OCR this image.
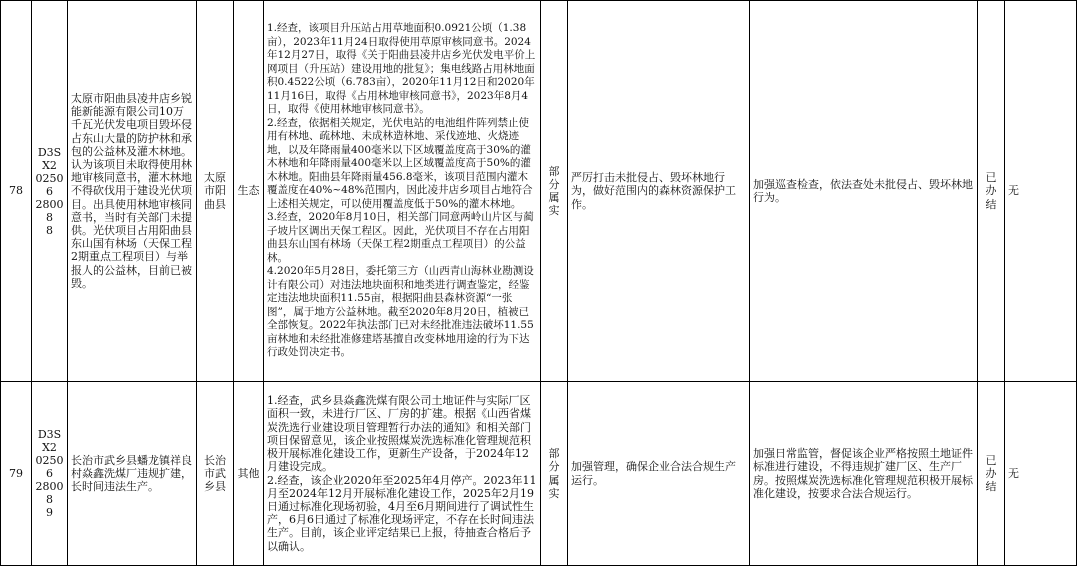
78
D3SX2
02506
28008
8
太原市阳曲县凌井店乡锐能新能源有限公司10万千瓦光伏发电项目毁坏侵占东山大量的防护林和承包的公益林及灌木林地。认为该项目未取得使用林地审核同意书，灌木林地不得砍伐用于建设光伏项目。出具使用林地审核同意书，当时有关部门未提供。光伏项目占用阳曲县东山国有林场（天保工程2期重点工程项目）与举报人的公益林，目前已被毁。
太原
市阳
曲县
生态
1.经查，该项目升压站占用草地面积0.0921公顷（1.38亩），2023年11月24日取得使用草原审核同意书。2024年12月27日，取得《关于阳曲县凌井店乡光伏发电平价上网项目（升压站）建设用地的批复》；集电线路占用林地面积0.4522公顷（6.783亩），2020年11月12日和2020年11月16日，取得《占用林地审核同意书》，2023年8月4日，取得《使用林地审核同意书》。
2.经查，依据相关规定，光伏电站的电池组件阵列禁止使用有林地、疏林地、未成林造林地、采伐迹地、火烧迹地，以及年降雨量400毫米以下区域覆盖度高于30%的灌木林地和年降雨量400毫米以上区域覆盖度高于50%的灌木林地。阳曲县年降雨量456.8毫米，该项目范围内灌木覆盖度在40%~48%范围内，因此凌井店乡项目占地符合上述相关规定，可以使用覆盖度低于50%的灌木林地。
3.经查，2020年8月10日，相关部门同意两岭山片区与蔺子坡片区调出天保工程区。因此，光伏项目不存在占用阳曲县东山国有林场（天保工程2期重点工程项目）的公益林。
4.2020年5月28日，委托第三方（山西青山海林业勘测设计有限公司）对违法地块面积和地类进行调查鉴定，经鉴定违法地块面积11.55亩，根据阳曲县森林资源“一张图”，属于地方公益林地。截至2020年8月20日，植被已全部恢复。2022年执法部门已对未经批准违法破坏11.55亩林地和未经批准修建塔基擅自改变林地用途的行为下达行政处罚决定书。
部分
属实
严厉打击未批侵占、毁坏林地行为，做好范围内的森林资源保护工作。
加强巡查检查，依法查处未批侵占、毁坏林地行为。
已办
结
无
79
D3SX2
02506
28008
9
长治市武乡县蟠龙镇祥良村焱鑫洗煤厂违规扩建，长时间违法生产。
长治
市武
乡县
其他
1.经查，武乡县焱鑫洗煤有限公司土地证件与实际厂区面积一致，未进行厂区、厂房的扩建。根据《山西省煤炭洗选行业建设项目管理暂行办法的通知》和相关部门项目保留意见，该企业按照煤炭洗选标准化管理规范积极开展标准化建设工作，更新生产设备，于2024年12月建设完成。
2.经查，该企业2020年至2025年4月停产。2023年11月至2024年12月开展标准化建设工作，2025年2月19日通过标准化现场初验，4月至6月期间进行了调试性生产，6月6日通过了标准化现场评定，不存在长时间违法生产。目前，该企业评定结果已上报，待抽查合格后予以确认。
部分
属实
加强管理，确保企业合法合规生产运行。
加强日常监管，督促该企业严格按照土地证件标准进行建设，不得违规扩建厂区、生产厂房。按照煤炭洗选标准化管理规范积极开展标准化建设，按要求合法合规运行。
已办
结
无
